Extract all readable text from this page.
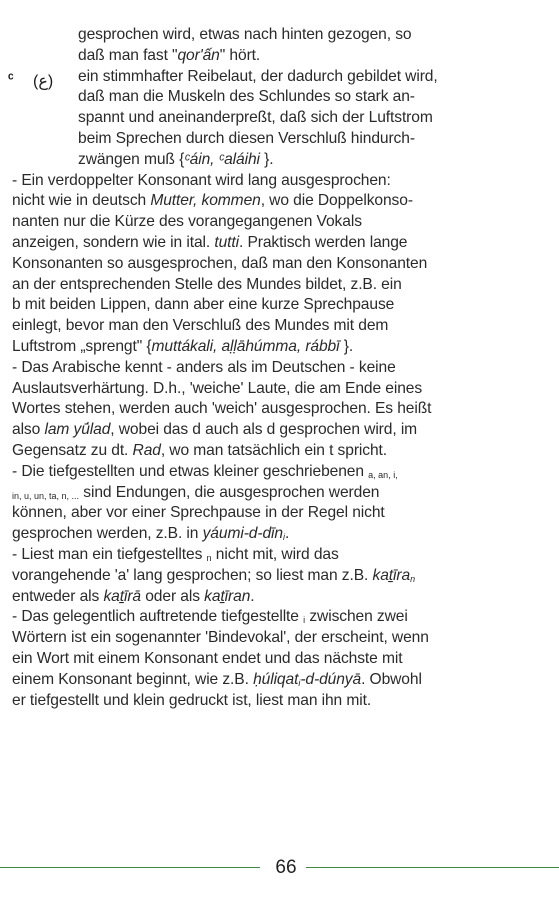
ᶜ (ع)
gesprochen wird, etwas nach hinten gezogen, so
daß man fast "qor'ấn" hört.
ein stimmhafter Reibelaut, der dadurch gebildet wird,
daß man die Muskeln des Schlundes so stark an-
spannt und aneinanderpreßt, daß sich der Luftstrom
beim Sprechen durch diesen Verschluß hindurch-
zwängen muß {ᶜáin, ᶜaláihi }.
- Ein verdoppelter Konsonant wird lang ausgesprochen:
nicht wie in deutsch Mutter, kommen, wo die Doppelkonso-
nanten nur die Kürze des vorangegangenen Vokals
anzeigen, sondern wie in ital. tutti. Praktisch werden lange
Konsonanten so ausgesprochen, daß man den Konsonanten
an der entsprechenden Stelle des Mundes bildet, z.B. ein
b mit beiden Lippen, dann aber eine kurze Sprechpause
einlegt, bevor man den Verschluß des Mundes mit dem
Luftstrom „sprengt" {muttákali, aḷḷāhúmma, rábbī }.
- Das Arabische kennt - anders als im Deutschen - keine
Auslautsverhärtung. D.h., 'weiche' Laute, die am Ende eines
Wortes stehen, werden auch 'weich' ausgesprochen. Es heißt
also lam yū́lad, wobei das d auch als d gesprochen wird, im
Gegensatz zu dt. Rad, wo man tatsächlich ein t spricht.
- Die tiefgestellten und etwas kleiner geschriebenen $_{a, an, i,}$
$_{in, u, un, ta, n, ...}$ sind Endungen, die ausgesprochen werden
können, aber vor einer Sprechpause in der Regel nicht
gesprochen werden, z.B. in yáumi-d-dīn$_i$.
- Liest man ein tiefgestelltes $_n$ nicht mit, wird das
vorangehende 'a' lang gesprochen; so liest man z.B. kaṯīra$_n$
entweder als kaṯīrā oder als kaṯīran.
- Das gelegentlich auftretende tiefgestellte $_i$ zwischen zwei
Wörtern ist ein sogenannter 'Bindevokal', der erscheint, wenn
ein Wort mit einem Konsonant endet und das nächste mit
einem Konsonant beginnt, wie z.B. ḥúliqat$_i$-d-dúnyā. Obwohl
er tiefgestellt und klein gedruckt ist, liest man ihn mit.
66
